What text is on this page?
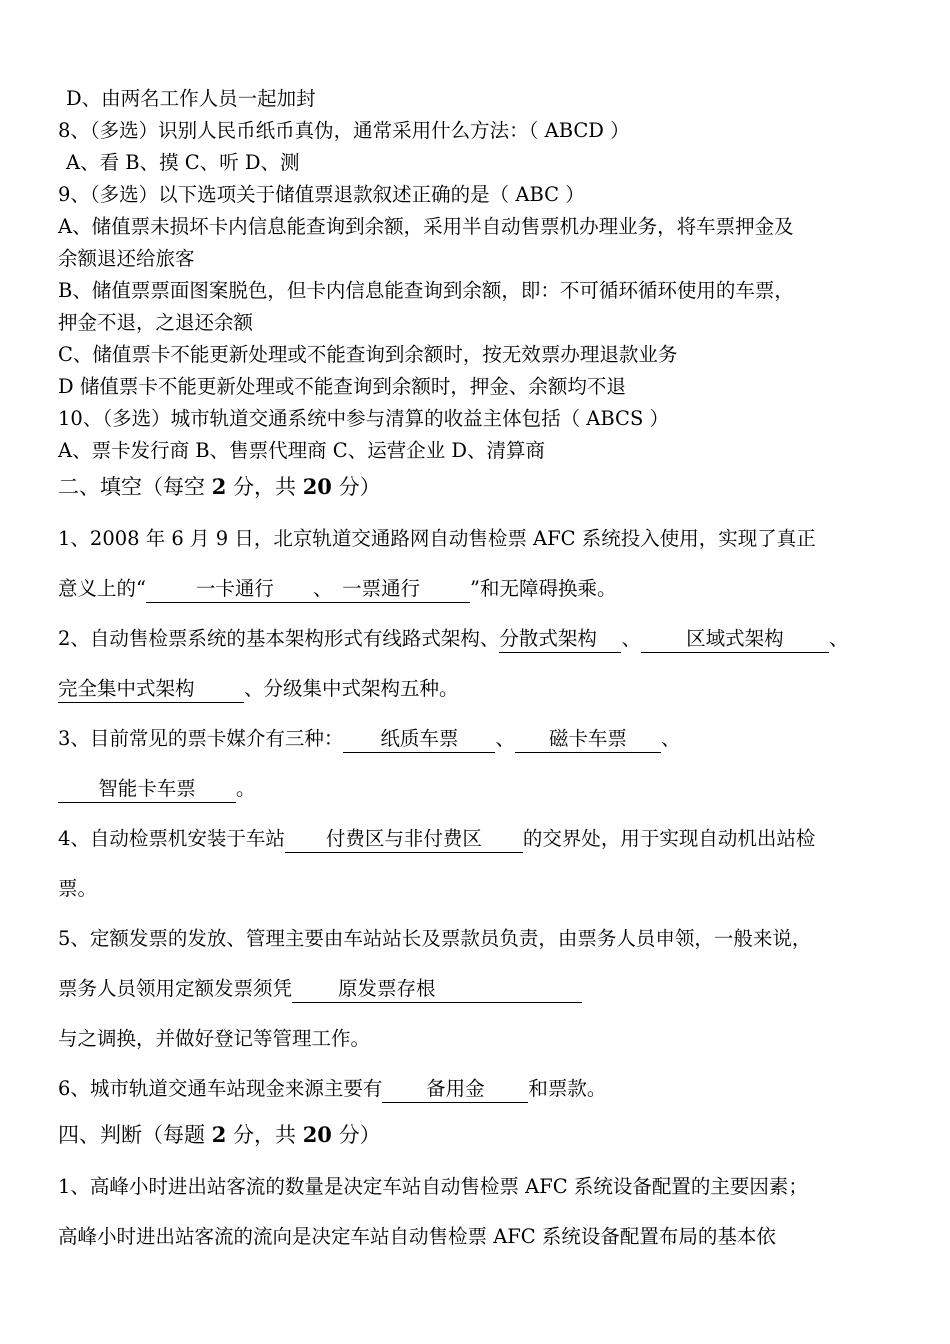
D、由两名工作人员一起加封
8、（多选）识别人民币纸币真伪，通常采用什么方法：（ ABCD ）
A、看 B、摸 C、听 D、测
9、（多选）以下选项关于储值票退款叙述正确的是（ ABC ）
A、储值票未损坏卡内信息能查询到余额，采用半自动售票机办理业务，将车票押金及
余额退还给旅客
B、储值票票面图案脱色，但卡内信息能查询到余额，即：不可循环循环使用的车票，
押金不退，之退还余额
C、储值票卡不能更新处理或不能查询到余额时，按无效票办理退款业务
D 储值票卡不能更新处理或不能查询到余额时，押金、余额均不退
10、（多选）城市轨道交通系统中参与清算的收益主体包括（ ABCS ）
A、票卡发行商 B、售票代理商 C、运营企业 D、清算商
二、填空（每空 2 分，共 20 分）
1、2008 年 6 月 9 日，北京轨道交通路网自动售检票 AFC 系统投入使用，实现了真正
意义上的“	一卡通行　　、　一票通行	”和无障碍换乘。
2、自动售检票系统的基本架构形式有线路式架构、分散式架构 、 区域式架构 、
完全集中式架构	、分级集中式架构五种。
3、目前常见的票卡媒介有三种： 纸质车票 、 磁卡车票 、
智能卡车票 。
4、自动检票机安装于车站 付费区与非付费区 的交界处，用于实现自动机出站检
票。
5、定额发票的发放、管理主要由车站站长及票款员负责，由票务人员申领，一般来说，
票务人员领用定额发票须凭 原发票存根
与之调换，并做好登记等管理工作。
6、城市轨道交通车站现金来源主要有 备用金 和票款。
四、判断（每题 2 分，共 20 分）
1、高峰小时进出站客流的数量是决定车站自动售检票 AFC 系统设备配置的主要因素；
高峰小时进出站客流的流向是决定车站自动售检票 AFC 系统设备配置布局的基本依
